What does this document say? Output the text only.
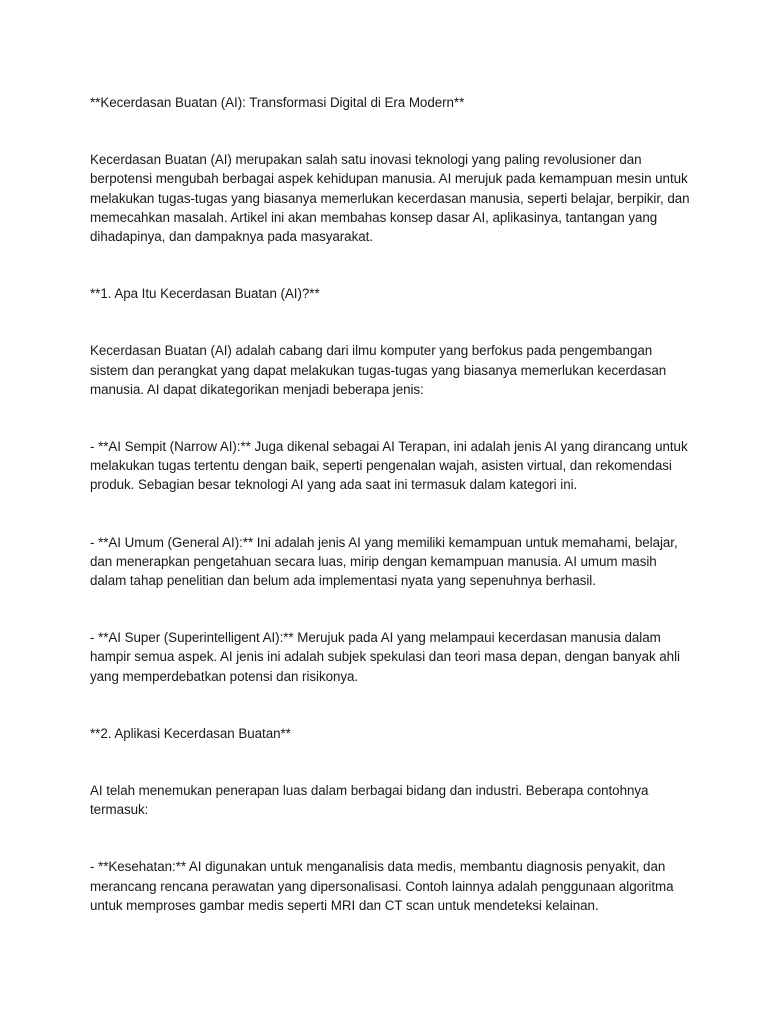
**Kecerdasan Buatan (AI): Transformasi Digital di Era Modern**

Kecerdasan Buatan (AI) merupakan salah satu inovasi teknologi yang paling revolusioner dan berpotensi mengubah berbagai aspek kehidupan manusia. AI merujuk pada kemampuan mesin untuk melakukan tugas-tugas yang biasanya memerlukan kecerdasan manusia, seperti belajar, berpikir, dan memecahkan masalah. Artikel ini akan membahas konsep dasar AI, aplikasinya, tantangan yang dihadapinya, dan dampaknya pada masyarakat.

**1. Apa Itu Kecerdasan Buatan (AI)?**

Kecerdasan Buatan (AI) adalah cabang dari ilmu komputer yang berfokus pada pengembangan sistem dan perangkat yang dapat melakukan tugas-tugas yang biasanya memerlukan kecerdasan manusia. AI dapat dikategorikan menjadi beberapa jenis:

- **AI Sempit (Narrow AI):** Juga dikenal sebagai AI Terapan, ini adalah jenis AI yang dirancang untuk melakukan tugas tertentu dengan baik, seperti pengenalan wajah, asisten virtual, dan rekomendasi produk. Sebagian besar teknologi AI yang ada saat ini termasuk dalam kategori ini.

- **AI Umum (General AI):** Ini adalah jenis AI yang memiliki kemampuan untuk memahami, belajar, dan menerapkan pengetahuan secara luas, mirip dengan kemampuan manusia. AI umum masih dalam tahap penelitian dan belum ada implementasi nyata yang sepenuhnya berhasil.

- **AI Super (Superintelligent AI):** Merujuk pada AI yang melampaui kecerdasan manusia dalam hampir semua aspek. AI jenis ini adalah subjek spekulasi dan teori masa depan, dengan banyak ahli yang memperdebatkan potensi dan risikonya.

**2. Aplikasi Kecerdasan Buatan**

AI telah menemukan penerapan luas dalam berbagai bidang dan industri. Beberapa contohnya termasuk:

- **Kesehatan:** AI digunakan untuk menganalisis data medis, membantu diagnosis penyakit, dan merancang rencana perawatan yang dipersonalisasi. Contoh lainnya adalah penggunaan algoritma untuk memproses gambar medis seperti MRI dan CT scan untuk mendeteksi kelainan.
